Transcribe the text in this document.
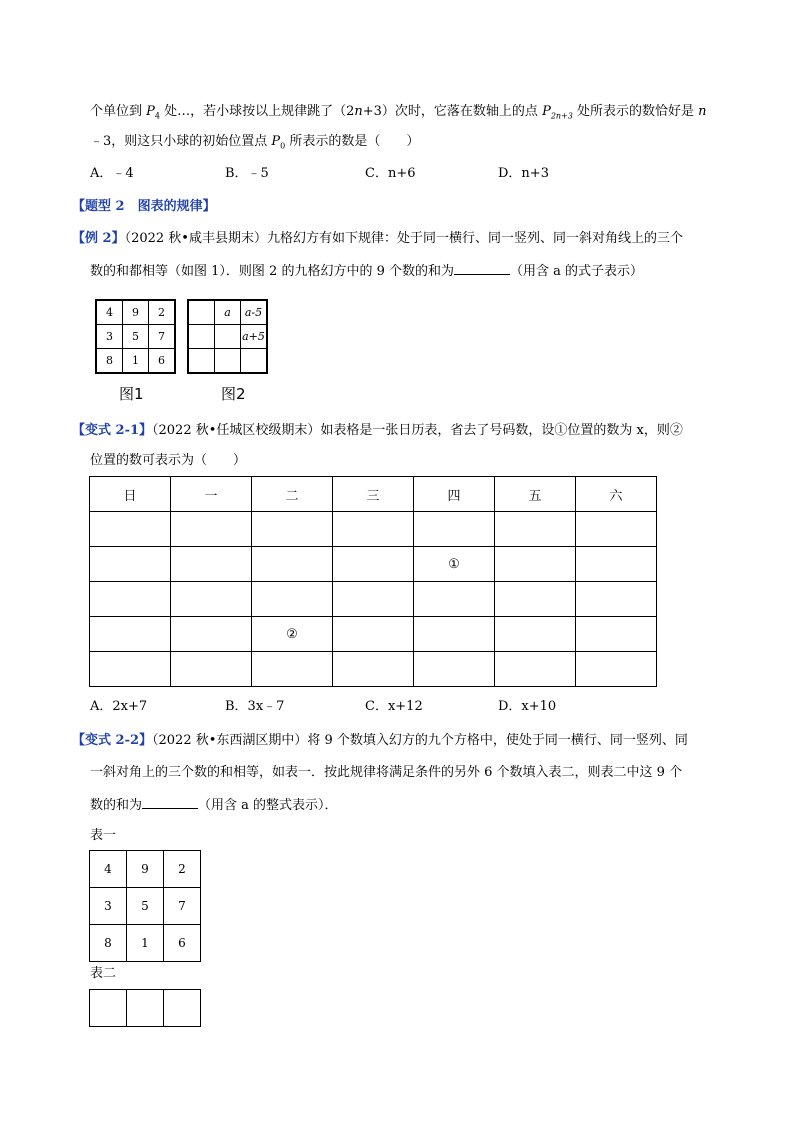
个单位到 $P_4$ 处…，若小球按以上规律跳了（2n+3）次时，它落在数轴上的点 $P_{2n+3}$ 处所表示的数恰好是 n
﹣3，则这只小球的初始位置点 $P_0$ 所表示的数是（　　）
A．﹣4	B．﹣5	C．n+6	D．n+3
【题型 2　图表的规律】
【例 2】（2022 秋•咸丰县期末）九格幻方有如下规律：处于同一横行、同一竖列、同一斜对角线上的三个
数的和都相等（如图 1）．则图 2 的九格幻方中的 9 个数的和为	（用含 a 的式子表示）
4	9	2
3	5	7
8	1	6
	a	a-5
		a+5

图1	图2
【变式 2-1】（2022 秋•任城区校级期末）如表格是一张日历表，省去了号码数，设①位置的数为 x，则②
位置的数可表示为（　　）
日	一	二	三	四	五	六

				①		

		②				

A．2x+7	B．3x﹣7	C．x+12	D．x+10
【变式 2-2】（2022 秋•东西湖区期中）将 9 个数填入幻方的九个方格中，使处于同一横行、同一竖列、同
一斜对角上的三个数的和相等，如表一．按此规律将满足条件的另外 6 个数填入表二，则表二中这 9 个
数的和为	（用含 a 的整式表示）．
表一
4	9	2
3	5	7
8	1	6
表二
